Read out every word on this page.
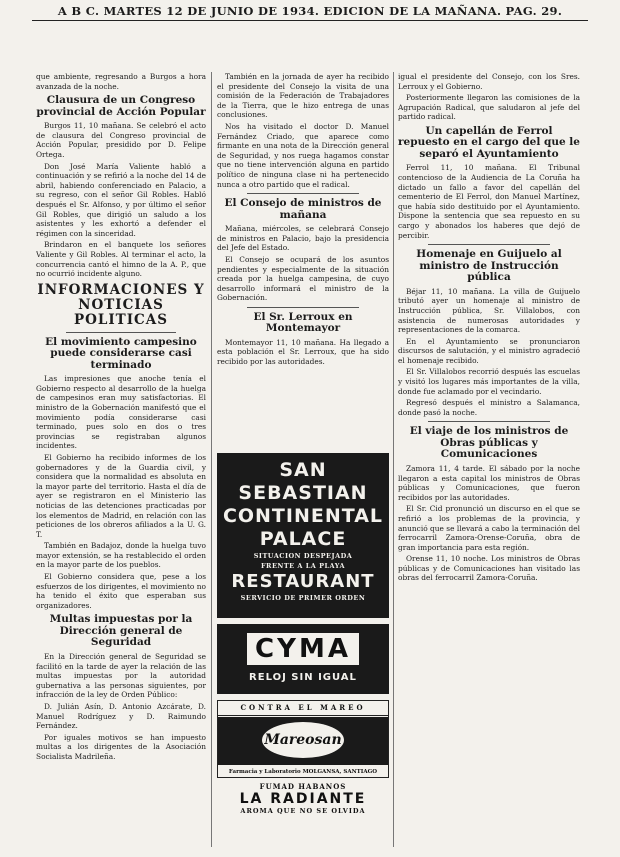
A B C. MARTES 12 DE JUNIO DE 1934. EDICION DE LA MAÑANA. PAG. 29.
que ambiente, regresando a Burgos a hora avanzada de la noche.
Clausura de un Congreso provincial de Acción Popular
Burgos 11, 10 mañana. Se celebró el acto de clausura del Congreso provincial de Acción Popular, presidido por D. Felipe Ortega.
Don José María Valiente habló a continuación y se refirió a la noche del 14 de abril, habiendo conferenciado en Palacio, a su regreso, con el señor Gil Robles. Habló después el Sr. Alfonso, y por último el señor Gil Robles, que dirigió un saludo a los asistentes y les exhortó a defender el régimen con la sinceridad.
Brindaron en el banquete los señores Valiente y Gil Robles. Al terminar el acto, la concurrencia cantó el himno de la A. P., que no ocurrió incidente alguno.
INFORMACIONES Y NOTICIAS POLITICAS
El movimiento campesino puede considerarse casi terminado
Las impresiones que anoche tenía el Gobierno respecto al desarrollo de la huelga de campesinos eran muy satisfactorias. El ministro de la Gobernación manifestó que el movimiento podía considerarse casi terminado, pues solo en dos o tres provincias se registraban algunos incidentes.
El Gobierno ha recibido informes de los gobernadores y de la Guardia civil, y considera que la normalidad es absoluta en la mayor parte del territorio. Hasta el día de ayer se registraron en el Ministerio las noticias de las detenciones practicadas por los elementos de Madrid, en relación con las peticiones de los obreros afiliados a la U. G. T.
También en Badajoz, donde la huelga tuvo mayor extensión, se ha restablecido el orden en la mayor parte de los pueblos.
El Gobierno considera que, pese a los esfuerzos de los dirigentes, el movimiento no ha tenido el éxito que esperaban sus organizadores.
Multas impuestas por la Dirección general de Seguridad
En la Dirección general de Seguridad se facilitó en la tarde de ayer la relación de las multas impuestas por la autoridad gubernativa a las personas siguientes, por infracción de la ley de Orden Público:
D. Julián Asín, D. Antonio Azcárate, D. Manuel Rodríguez y D. Raimundo Fernández.
Por iguales motivos se han impuesto multas a los dirigentes de la Asociación Socialista Madrileña.
También en la jornada de ayer ha recibido el presidente del Consejo la visita de una comisión de la Federación de Trabajadores de la Tierra, que le hizo entrega de unas conclusiones.
Nos ha visitado el doctor D. Manuel Fernández Criado, que aparece como firmante en una nota de la Dirección general de Seguridad, y nos ruega hagamos constar que no tiene intervención alguna en partido político de ninguna clase ni ha pertenecido nunca a otro partido que el radical.
El Consejo de ministros de mañana
Mañana, miércoles, se celebrará Consejo de ministros en Palacio, bajo la presidencia del Jefe del Estado.
El Consejo se ocupará de los asuntos pendientes y especialmente de la situación creada por la huelga campesina, de cuyo desarrollo informará el ministro de la Gobernación.
El Sr. Lerroux en Montemayor
Montemayor 11, 10 mañana. Ha llegado a esta población el Sr. Lerroux, que ha sido recibido por las autoridades.
SAN SEBASTIAN
CONTINENTAL
PALACE
SITUACION DESPEJADA
FRENTE A LA PLAYA
RESTAURANT
SERVICIO DE PRIMER ORDEN
CYMA
RELOJ SIN IGUAL
CONTRA EL MAREO
Mareosan
Farmacia y Laboratorio MOLGANSA, SANTIAGO
FUMAD HABANOS
LA RADIANTE
AROMA QUE NO SE OLVIDA
igual el presidente del Consejo, con los Sres. Lerroux y el Gobierno.
Posteriormente llegaron las comisiones de la Agrupación Radical, que saludaron al jefe del partido radical.
Un capellán de Ferrol repuesto en el cargo del que le separó el Ayuntamiento
Ferrol 11, 10 mañana. El Tribunal contencioso de la Audiencia de La Coruña ha dictado un fallo a favor del capellán del cementerio de El Ferrol, don Manuel Martínez, que había sido destituido por el Ayuntamiento. Dispone la sentencia que sea repuesto en su cargo y abonados los haberes que dejó de percibir.
Homenaje en Guijuelo al ministro de Instrucción pública
Béjar 11, 10 mañana. La villa de Guijuelo tributó ayer un homenaje al ministro de Instrucción pública, Sr. Villalobos, con asistencia de numerosas autoridades y representaciones de la comarca.
En el Ayuntamiento se pronunciaron discursos de salutación, y el ministro agradeció el homenaje recibido.
El Sr. Villalobos recorrió después las escuelas y visitó los lugares más importantes de la villa, donde fue aclamado por el vecindario.
Regresó después el ministro a Salamanca, donde pasó la noche.
El viaje de los ministros de Obras públicas y Comunicaciones
Zamora 11, 4 tarde. El sábado por la noche llegaron a esta capital los ministros de Obras públicas y Comunicaciones, que fueron recibidos por las autoridades.
El Sr. Cid pronunció un discurso en el que se refirió a los problemas de la provincia, y anunció que se llevará a cabo la terminación del ferrocarril Zamora-Orense-Coruña, obra de gran importancia para esta región.
Orense 11, 10 noche. Los ministros de Obras públicas y de Comunicaciones han visitado las obras del ferrocarril Zamora-Coruña.
